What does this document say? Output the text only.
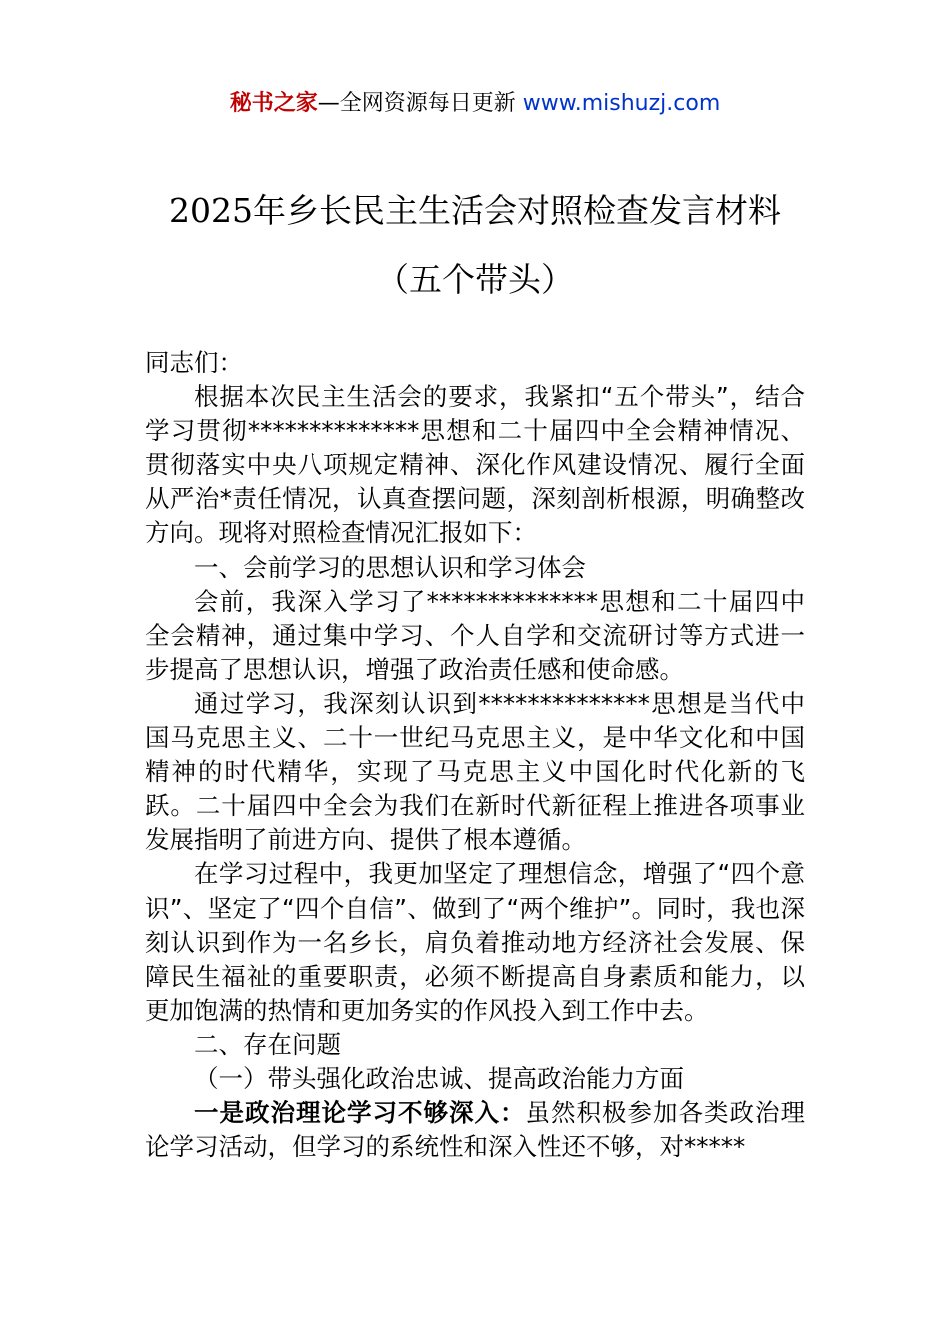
秘书之家—全网资源每日更新 www.mishuzj.com
2025年乡长民主生活会对照检查发言材料
（五个带头）

同志们：

根据本次民主生活会的要求，我紧扣“五个带头”，结合学习贯彻**************思想和二十届四中全会精神情况、贯彻落实中央八项规定精神、深化作风建设情况、履行全面从严治*责任情况，认真查摆问题，深刻剖析根源，明确整改方向。现将对照检查情况汇报如下：

一、会前学习的思想认识和学习体会

会前，我深入学习了**************思想和二十届四中全会精神，通过集中学习、个人自学和交流研讨等方式进一步提高了思想认识，增强了政治责任感和使命感。

通过学习，我深刻认识到**************思想是当代中国马克思主义、二十一世纪马克思主义，是中华文化和中国精神的时代精华，实现了马克思主义中国化时代化新的飞跃。二十届四中全会为我们在新时代新征程上推进各项事业发展指明了前进方向、提供了根本遵循。

在学习过程中，我更加坚定了理想信念，增强了“四个意识”、坚定了“四个自信”、做到了“两个维护”。同时，我也深刻认识到作为一名乡长，肩负着推动地方经济社会发展、保障民生福祉的重要职责，必须不断提高自身素质和能力，以更加饱满的热情和更加务实的作风投入到工作中去。

二、存在问题

（一）带头强化政治忠诚、提高政治能力方面

一是政治理论学习不够深入：虽然积极参加各类政治理论学习活动，但学习的系统性和深入性还不够，对*****
